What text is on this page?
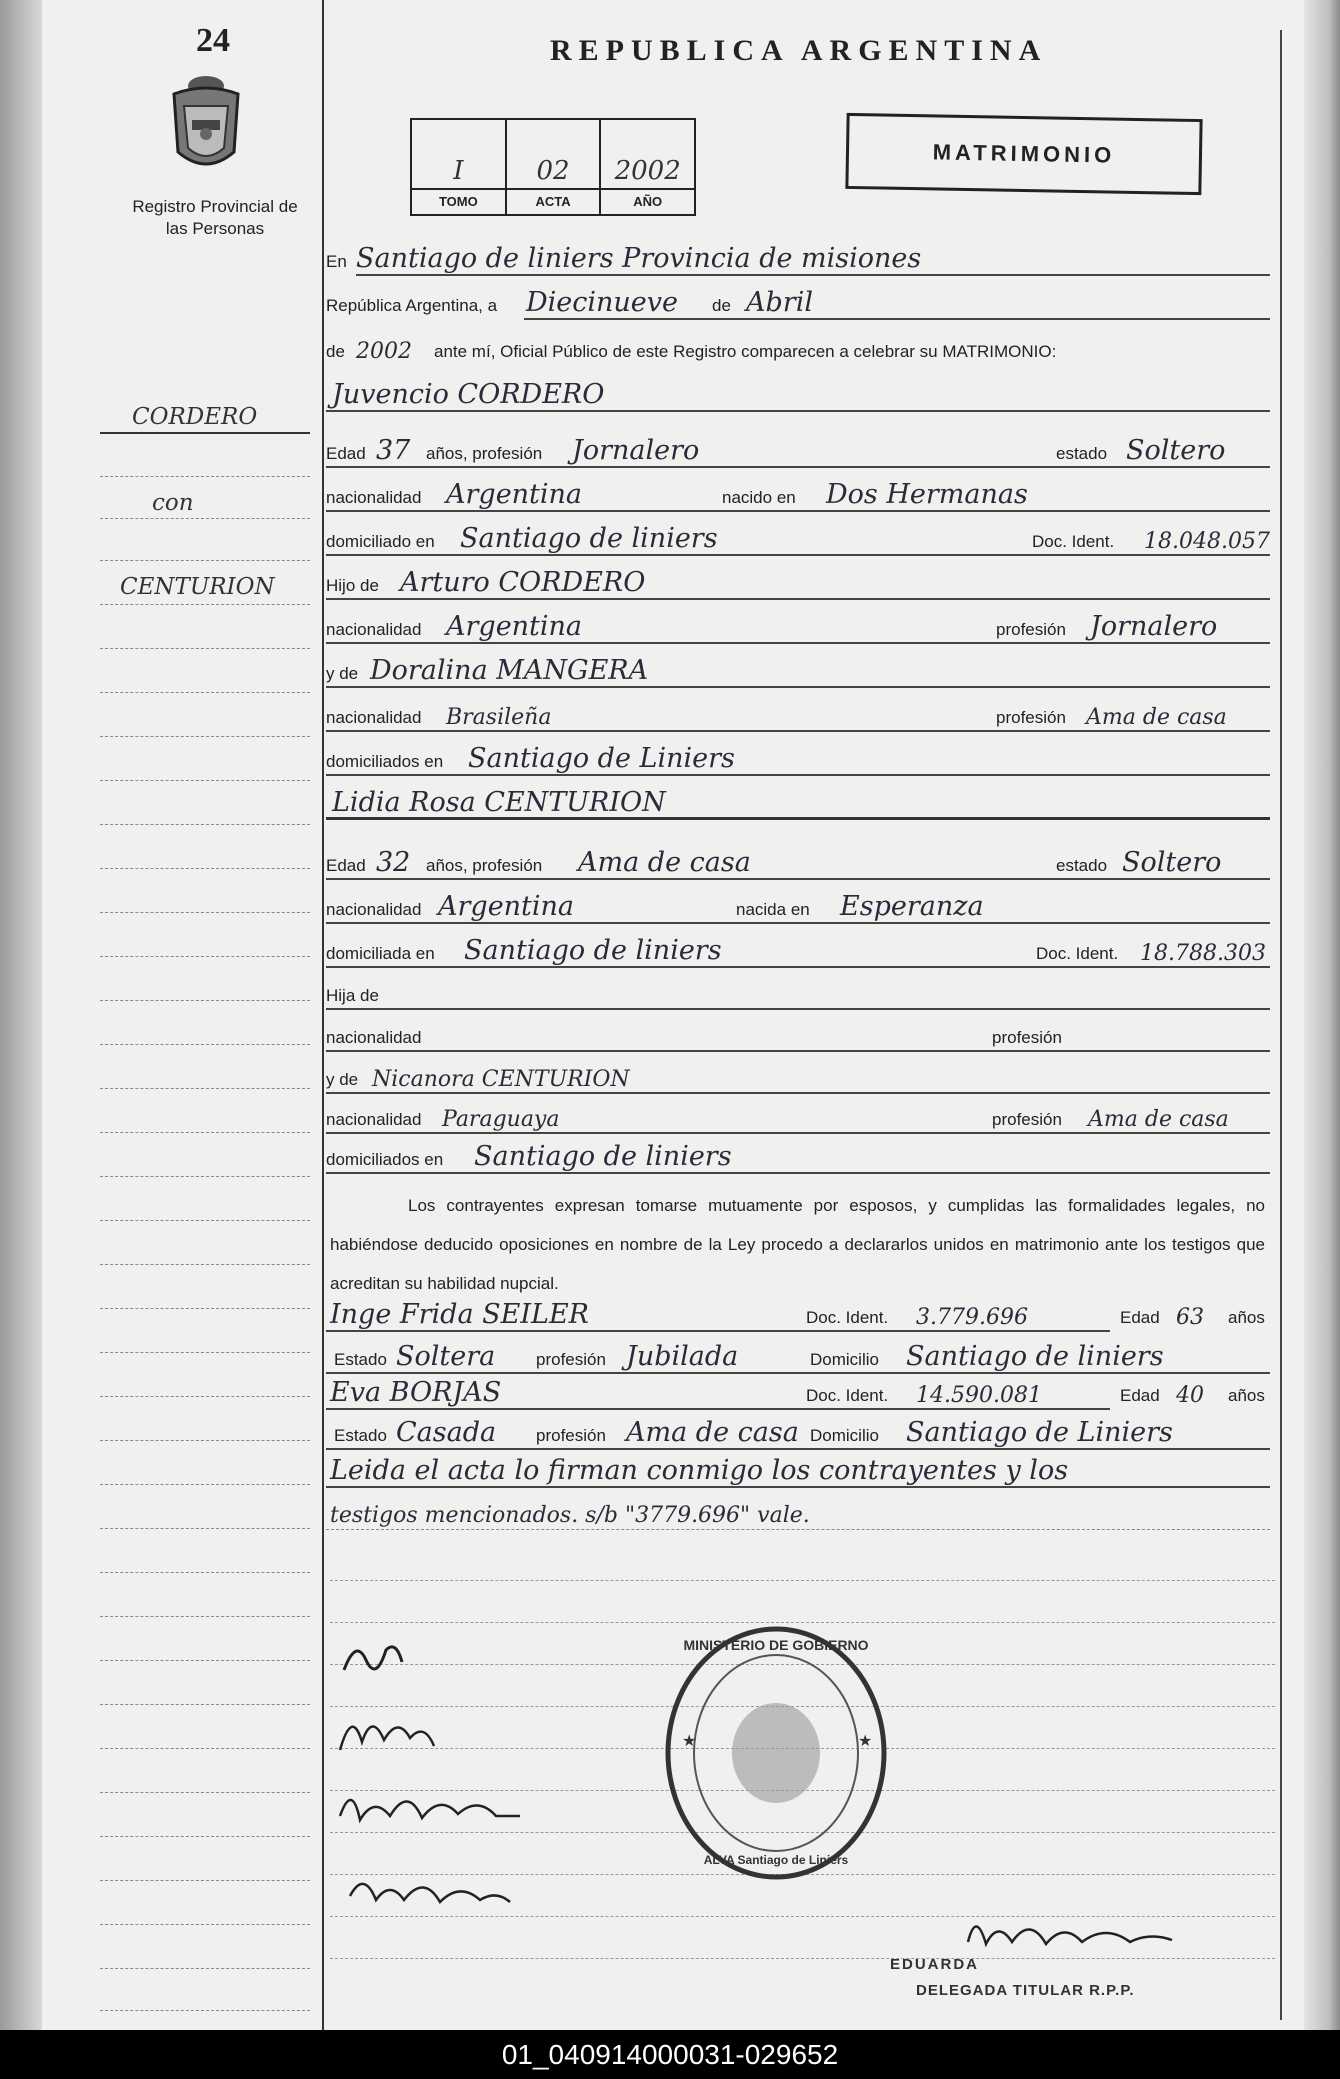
24
Registro Provincial de las Personas
REPUBLICA ARGENTINA
I
TOMO
02
ACTA
2002
AÑO
MATRIMONIO
CORDERO
con
CENTURION
En Santiago de liniers Provincia de misiones
República Argentina, a Diecinueve de Abril
de 2002 ante mí, Oficial Público de este Registro comparecen a celebrar su MATRIMONIO:
Juvencio CORDERO
Edad 37 años, profesión Jornalero	estado Soltero
nacionalidad Argentina	nacido en Dos Hermanas
domiciliado en Santiago de liniers	Doc. Ident. 18.048.057
Hijo de Arturo CORDERO
nacionalidad Argentina	profesión Jornalero
y de Doralina MANGERA
nacionalidad Brasileña	profesión Ama de casa
domiciliados en Santiago de Liniers
Lidia Rosa CENTURION
Edad 32 años, profesión Ama de casa	estado Soltero
nacionalidad Argentina	nacida en Esperanza
domiciliada en Santiago de liniers	Doc. Ident. 18.788.303
Hija de
nacionalidad	profesión
y de Nicanora CENTURION
nacionalidad Paraguaya	profesión Ama de casa
domiciliados en Santiago de liniers
Los contrayentes expresan tomarse mutuamente por esposos, y cumplidas las formalidades legales, no habiéndose deducido oposiciones en nombre de la Ley procedo a declararlos unidos en matrimonio ante los testigos que acreditan su habilidad nupcial.
Inge Frida SEILER	Doc. Ident. 3.779.696	Edad 63 años
Estado Soltera profesión Jubilada	Domicilio Santiago de liniers
Eva BORJAS	Doc. Ident. 14.590.081	Edad 40 años
Estado Casada profesión Ama de casa Domicilio Santiago de Liniers
Leida el acta lo firman conmigo los contrayentes y los
testigos mencionados. s/b "3779.696" vale.
EDUARDA
DELEGADA TITULAR R.P.P.
★	★
MINISTERIO DE GOBIERNO
ALVA Santiago de Liniers
01_040914000031-029652
